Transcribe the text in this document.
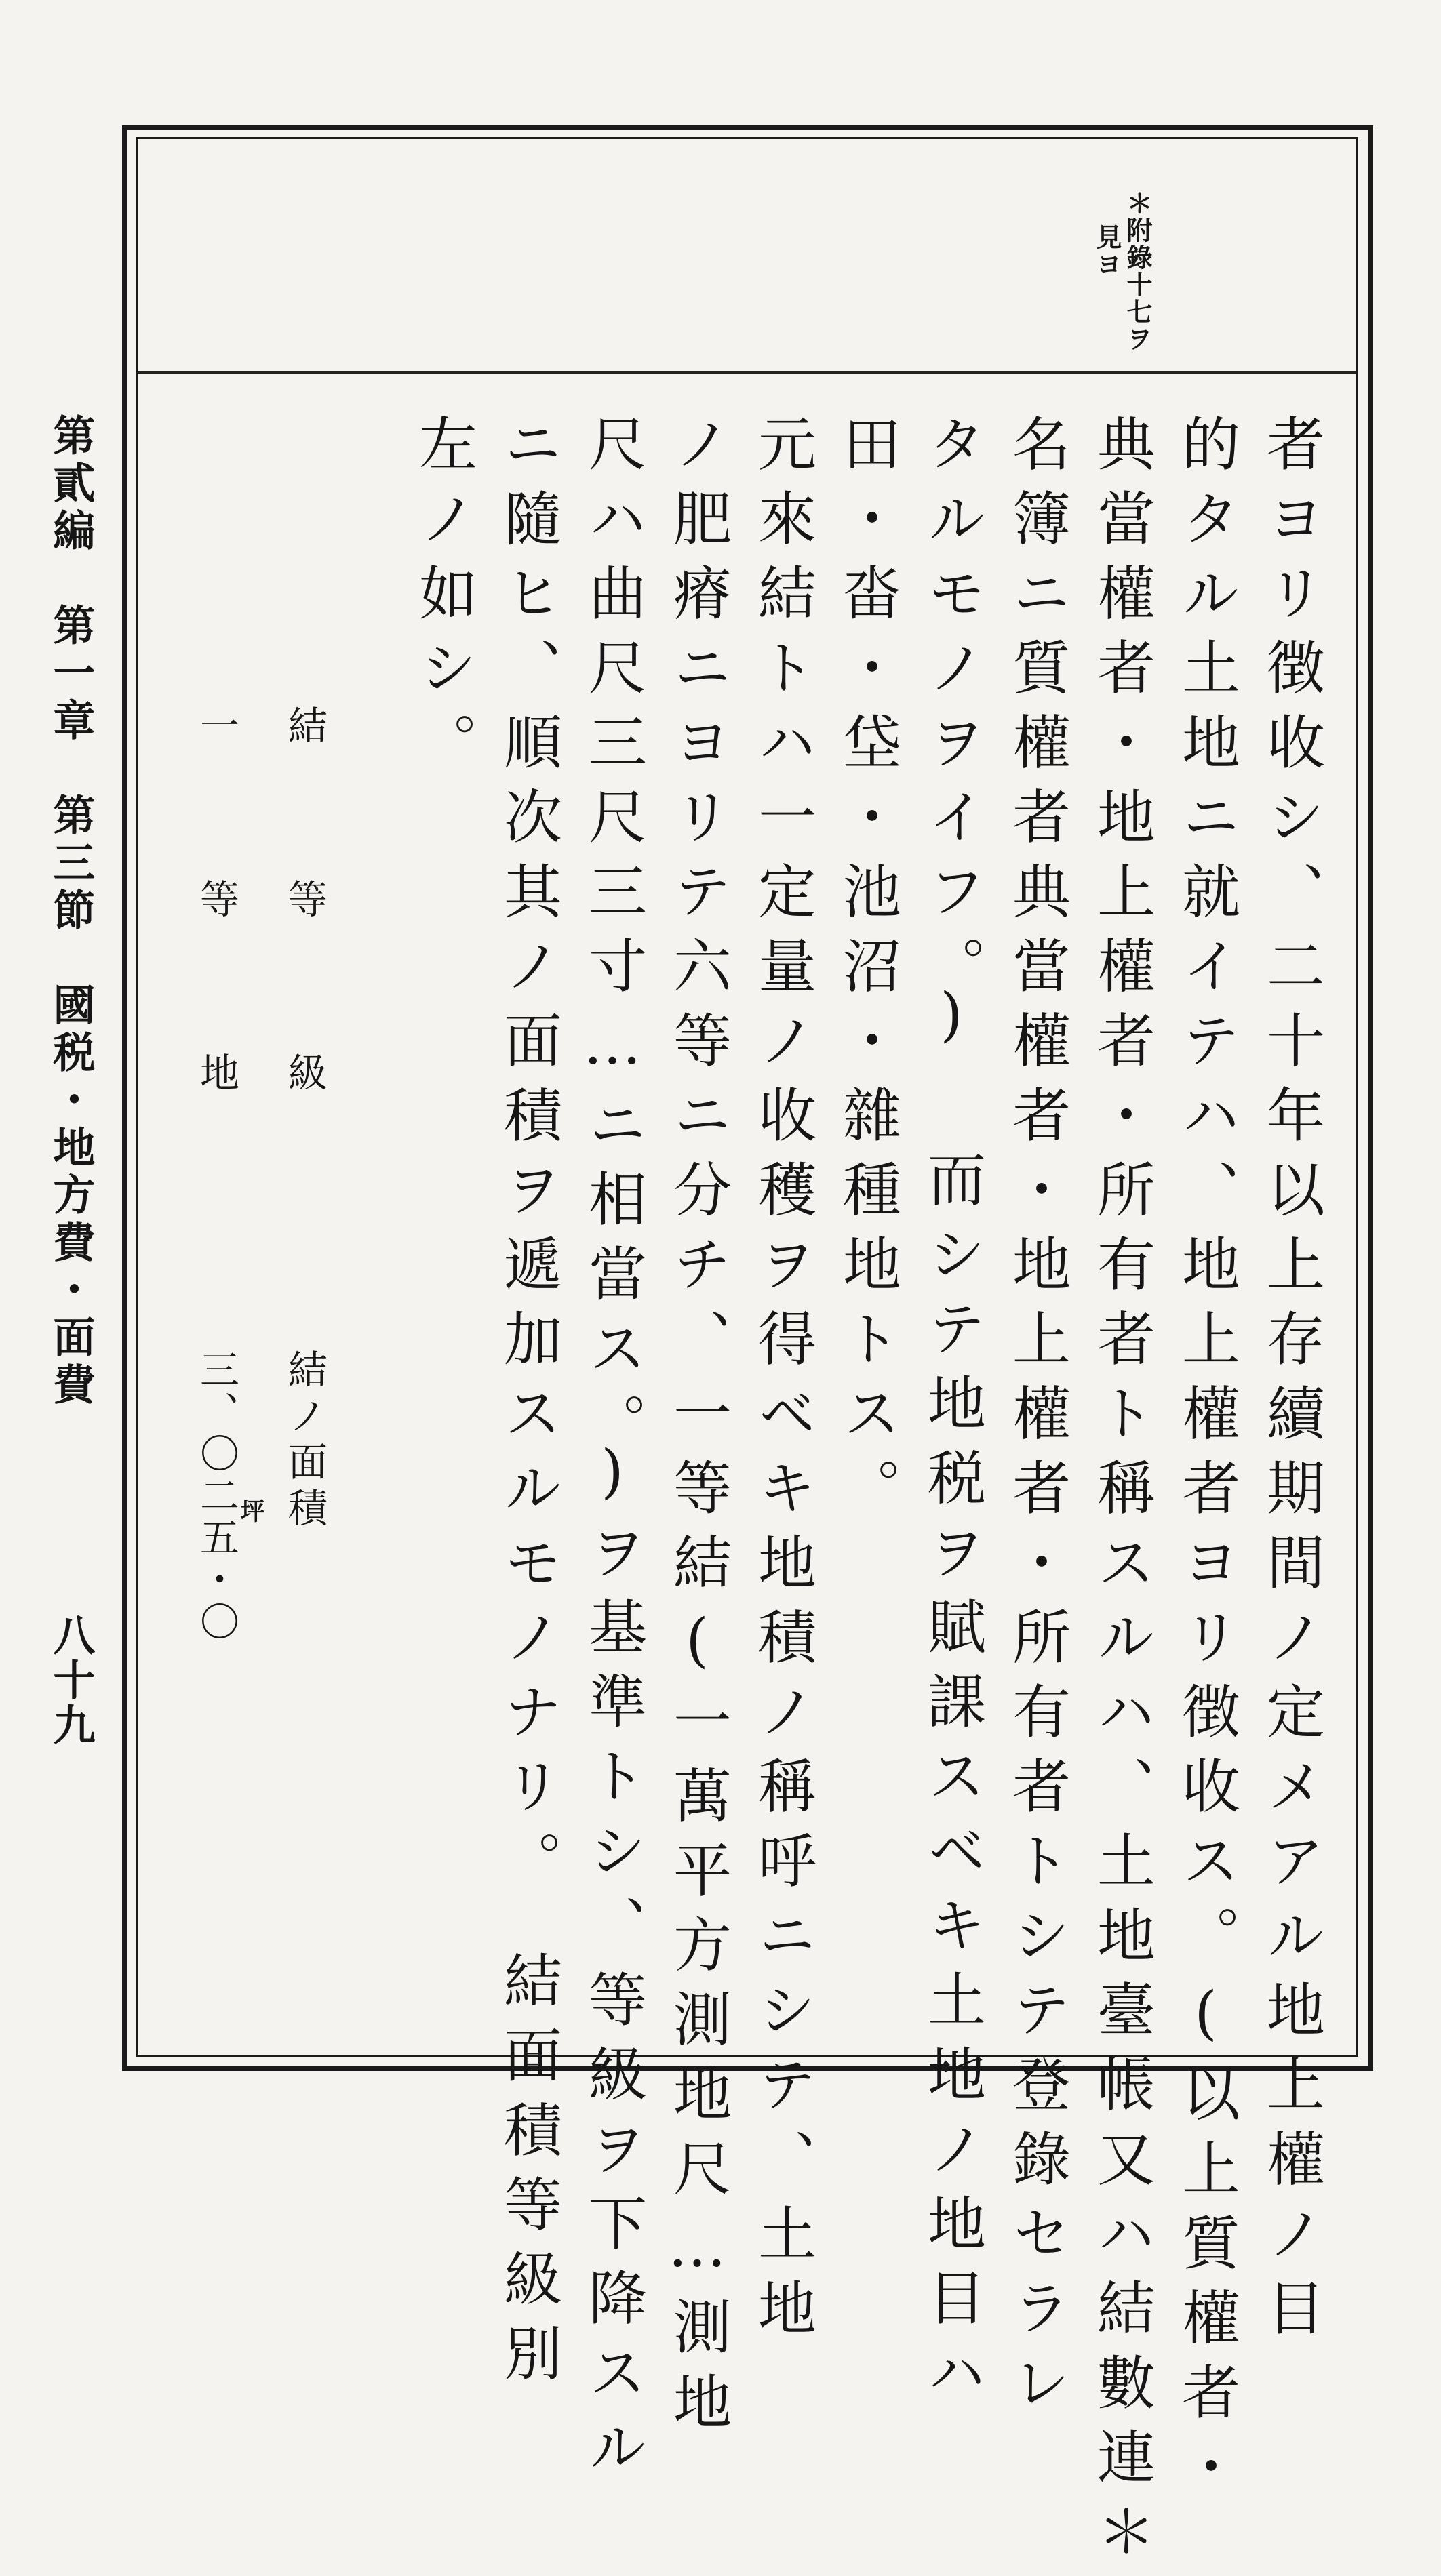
＊附錄十七ヲ
見ヨ
第貳編　第一章　第三節　國税・地方費・面費
八十九	者ヨリ徴收シ、二十年以上存續期間ノ定メアル地上權ノ目
的タル土地ニ就イテハ、地上權者ヨリ徴收ス。(以上質權者・
典當權者・地上權者・所有者ト稱スルハ、土地臺帳又ハ結數連＊
名簿ニ質權者典當權者・地上權者・所有者トシテ登錄セラレ
タルモノヲイフ。) 而シテ地税ヲ賦課スベキ土地ノ地目ハ
田・畓・垈・池沼・雜種地トス。
元來結トハ一定量ノ收穫ヲ得ベキ地積ノ稱呼ニシテ、土地
ノ肥瘠ニヨリテ六等ニ分チ、一等結(一萬平方測地尺…測地
尺ハ曲尺三尺三寸…ニ相當ス。)ヲ基準トシ、等級ヲ下降スル
ニ隨ヒ、順次其ノ面積ヲ遞加スルモノナリ。　結面積等級別
左ノ如シ。
結　等　級
結ノ面積
一　等　地
三、〇二五・〇
坪
